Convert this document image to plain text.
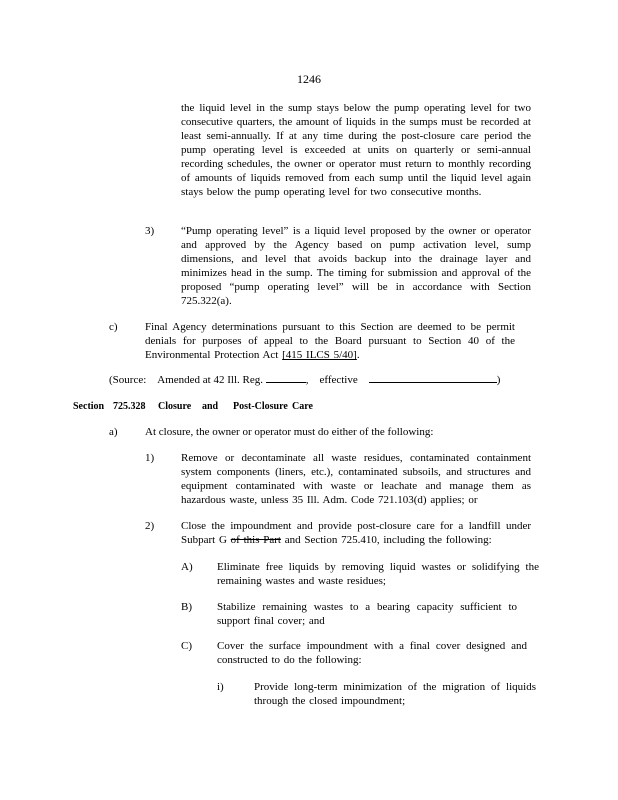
1246
the liquid level in the sump stays below the pump operating level for two consecutive quarters, the amount of liquids in the sumps must be recorded at least semi-annually. If at any time during the post-closure care period the pump operating level is exceeded at units on quarterly or semi-annual recording schedules, the owner or operator must return to monthly recording of amounts of liquids removed from each sump until the liquid level again stays below the pump operating level for two consecutive months.
3) “Pump operating level” is a liquid level proposed by the owner or operator and approved by the Agency based on pump activation level, sump dimensions, and level that avoids backup into the drainage layer and minimizes head in the sump. The timing for submission and approval of the proposed “pump operating level” will be in accordance with Section 725.322(a).
c) Final Agency determinations pursuant to this Section are deemed to be permit denials for purposes of appeal to the Board pursuant to Section 40 of the Environmental Protection Act [415 ILCS 5/40].
(Source: Amended at 42 Ill. Reg.	, effective	)
Section 725.328 Closure and Post-Closure Care
a) At closure, the owner or operator must do either of the following:
1) Remove or decontaminate all waste residues, contaminated containment system components (liners, etc.), contaminated subsoils, and structures and equipment contaminated with waste or leachate and manage them as hazardous waste, unless 35 Ill. Adm. Code 721.103(d) applies; or
2) Close the impoundment and provide post-closure care for a landfill under Subpart G of this Part and Section 725.410, including the following:
A) Eliminate free liquids by removing liquid wastes or solidifying the remaining wastes and waste residues;
B) Stabilize remaining wastes to a bearing capacity sufficient to support final cover; and
C) Cover the surface impoundment with a final cover designed and constructed to do the following:
i)	Provide long-term minimization of the migration of liquids through the closed impoundment;
